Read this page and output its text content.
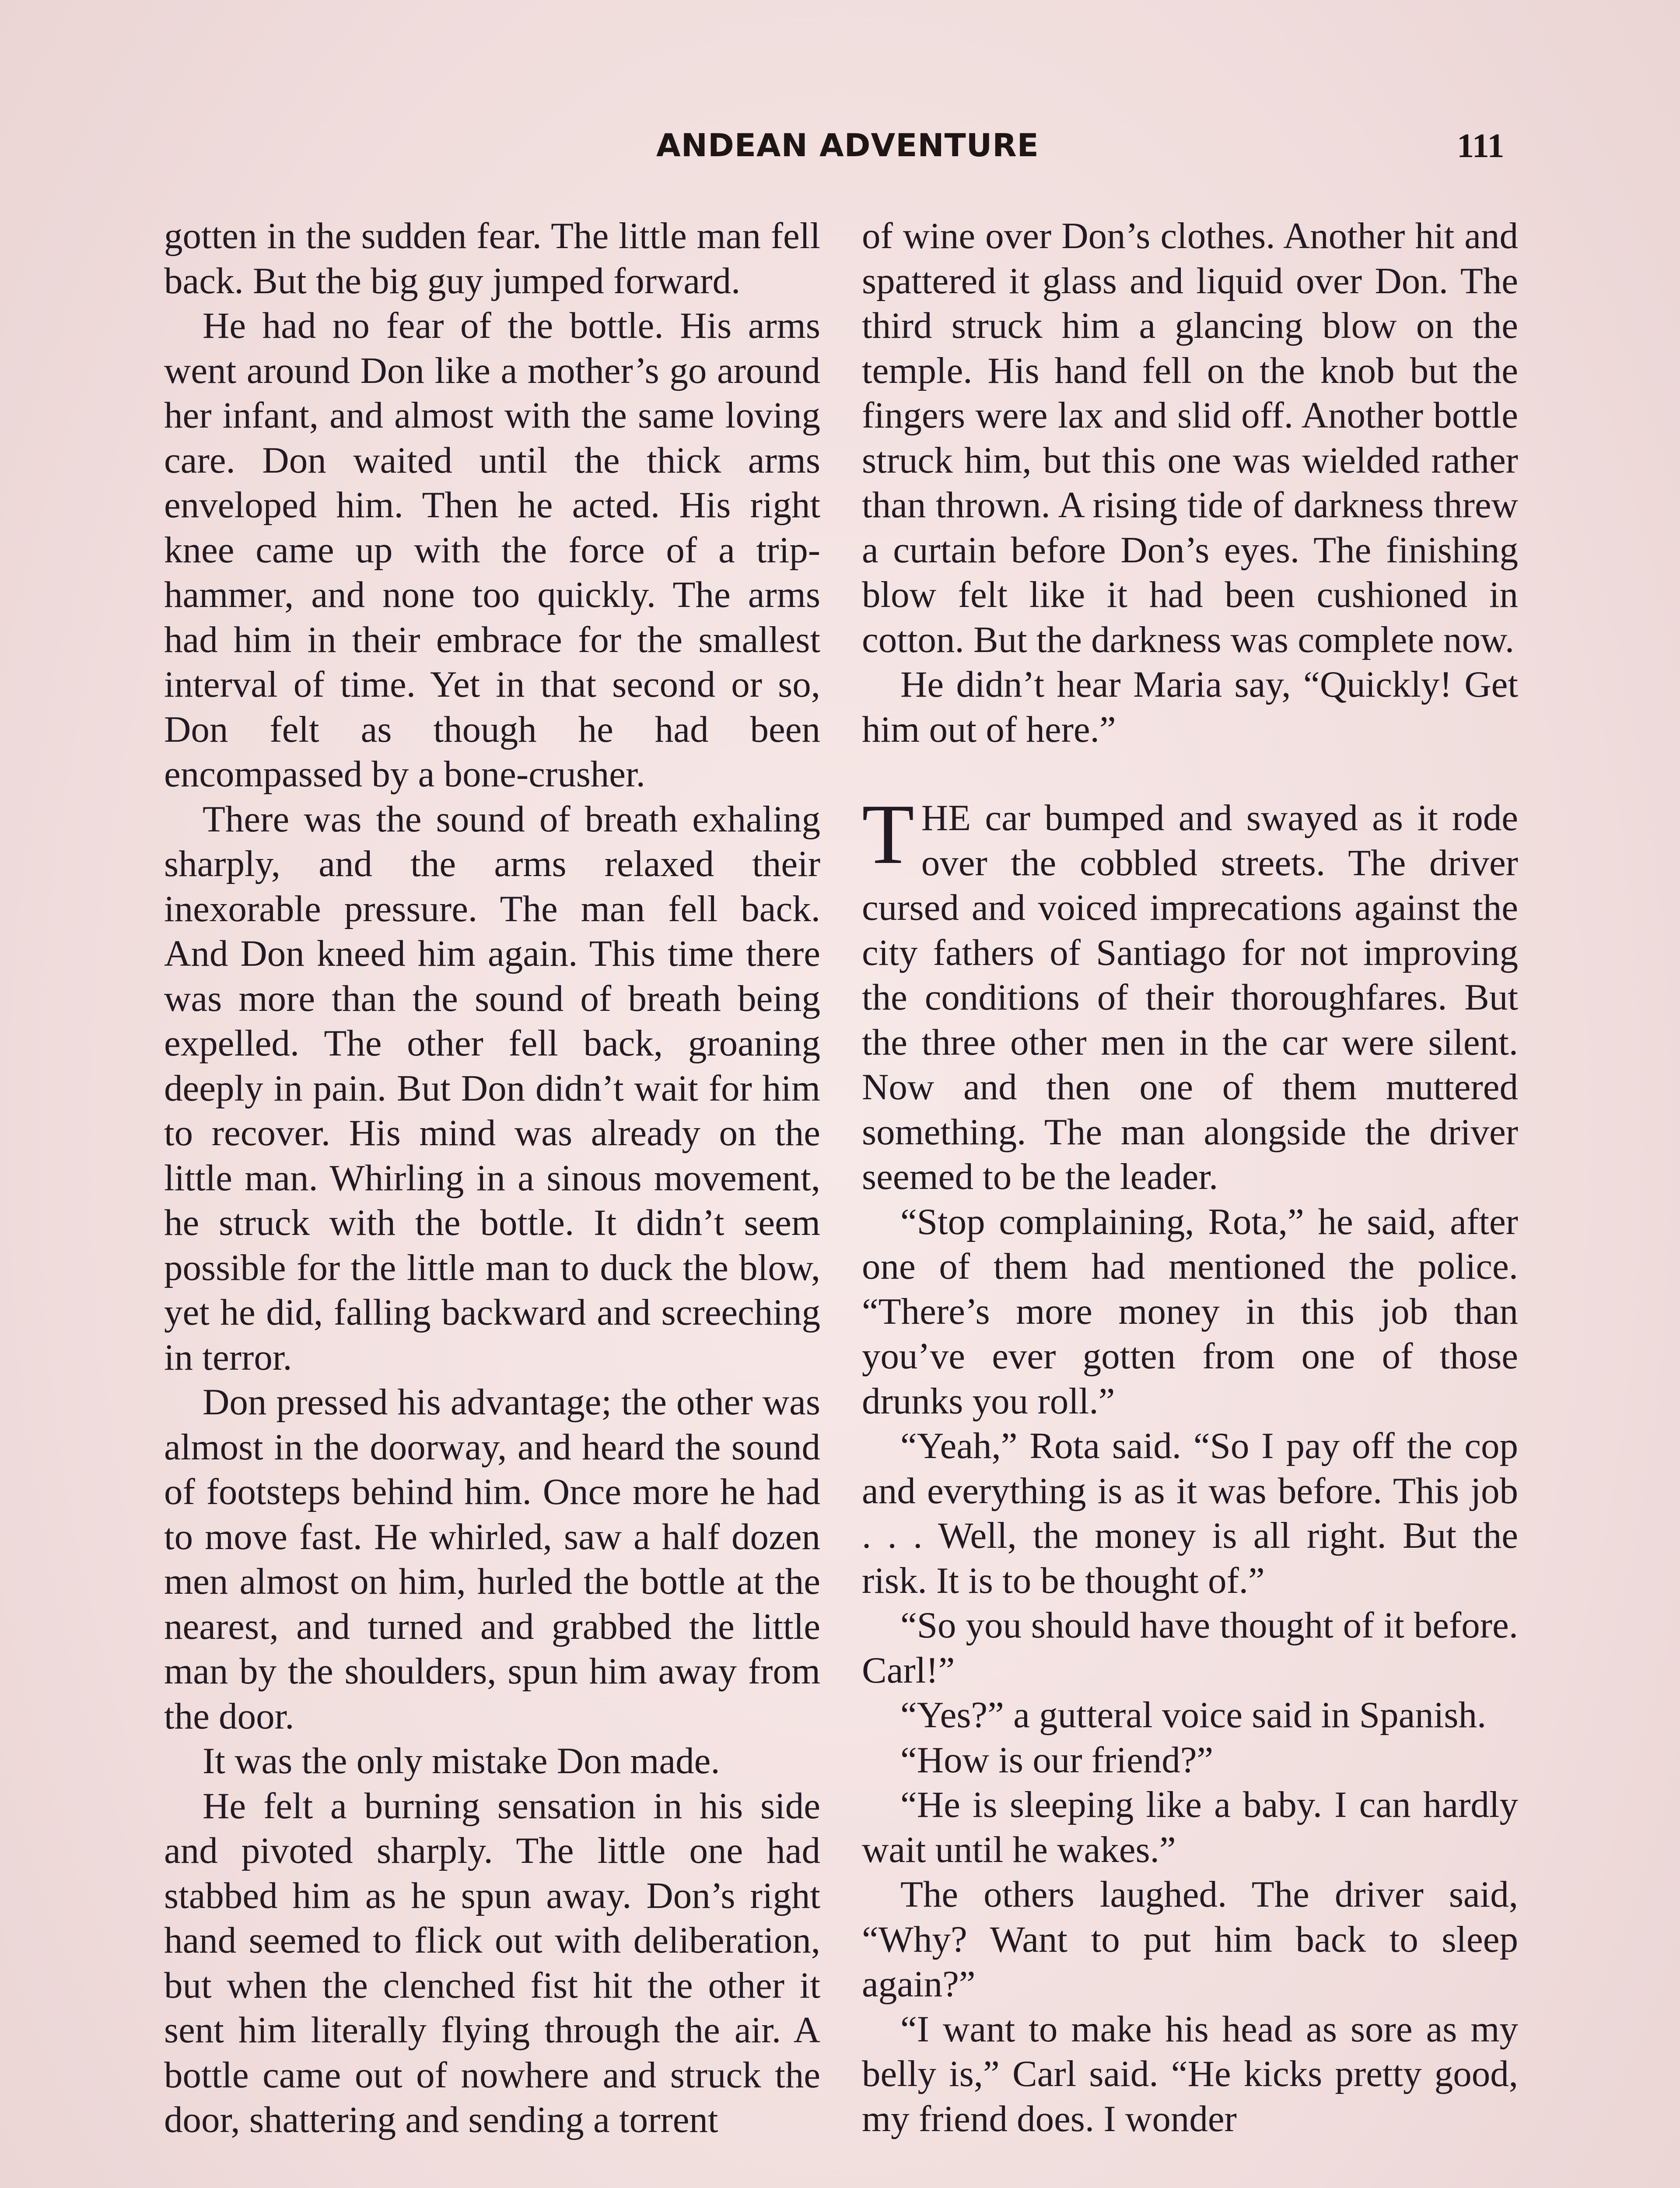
ANDEAN ADVENTURE	111

gotten in the sudden fear. The little man fell back. But the big guy jumped forward.

He had no fear of the bottle. His arms went around Don like a mother’s go around her infant, and almost with the same loving care. Don waited until the thick arms enveloped him. Then he acted. His right knee came up with the force of a trip-hammer, and none too quickly. The arms had him in their embrace for the smallest interval of time. Yet in that second or so, Don felt as though he had been encompassed by a bone-crusher.

There was the sound of breath exhaling sharply, and the arms relaxed their inexorable pressure. The man fell back. And Don kneed him again. This time there was more than the sound of breath being expelled. The other fell back, groaning deeply in pain. But Don didn’t wait for him to recover. His mind was already on the little man. Whirling in a sinous movement, he struck with the bottle. It didn’t seem possible for the little man to duck the blow, yet he did, falling backward and screeching in terror.

Don pressed his advantage; the other was almost in the doorway, and heard the sound of footsteps behind him. Once more he had to move fast. He whirled, saw a half dozen men almost on him, hurled the bottle at the nearest, and turned and grabbed the little man by the shoulders, spun him away from the door.

It was the only mistake Don made.

He felt a burning sensation in his side and pivoted sharply. The little one had stabbed him as he spun away. Don’s right hand seemed to flick out with deliberation, but when the clenched fist hit the other it sent him literally flying through the air. A bottle came out of nowhere and struck the door, shattering and sending a torrent

of wine over Don’s clothes. Another hit and spattered it glass and liquid over Don. The third struck him a glancing blow on the temple. His hand fell on the knob but the fingers were lax and slid off. Another bottle struck him, but this one was wielded rather than thrown. A rising tide of darkness threw a curtain before Don’s eyes. The finishing blow felt like it had been cushioned in cotton. But the darkness was complete now.

He didn’t hear Maria say, “Quickly! Get him out of here.”

THE car bumped and swayed as it rode over the cobbled streets. The driver cursed and voiced imprecations against the city fathers of Santiago for not improving the conditions of their thoroughfares. But the three other men in the car were silent. Now and then one of them muttered something. The man alongside the driver seemed to be the leader.

“Stop complaining, Rota,” he said, after one of them had mentioned the police. “There’s more money in this job than you’ve ever gotten from one of those drunks you roll.”

“Yeah,” Rota said. “So I pay off the cop and everything is as it was before. This job . . . Well, the money is all right. But the risk. It is to be thought of.”

“So you should have thought of it before. Carl!”

“Yes?” a gutteral voice said in Spanish.

“How is our friend?”

“He is sleeping like a baby. I can hardly wait until he wakes.”

The others laughed. The driver said, “Why? Want to put him back to sleep again?”

“I want to make his head as sore as my belly is,” Carl said. “He kicks pretty good, my friend does. I wonder
